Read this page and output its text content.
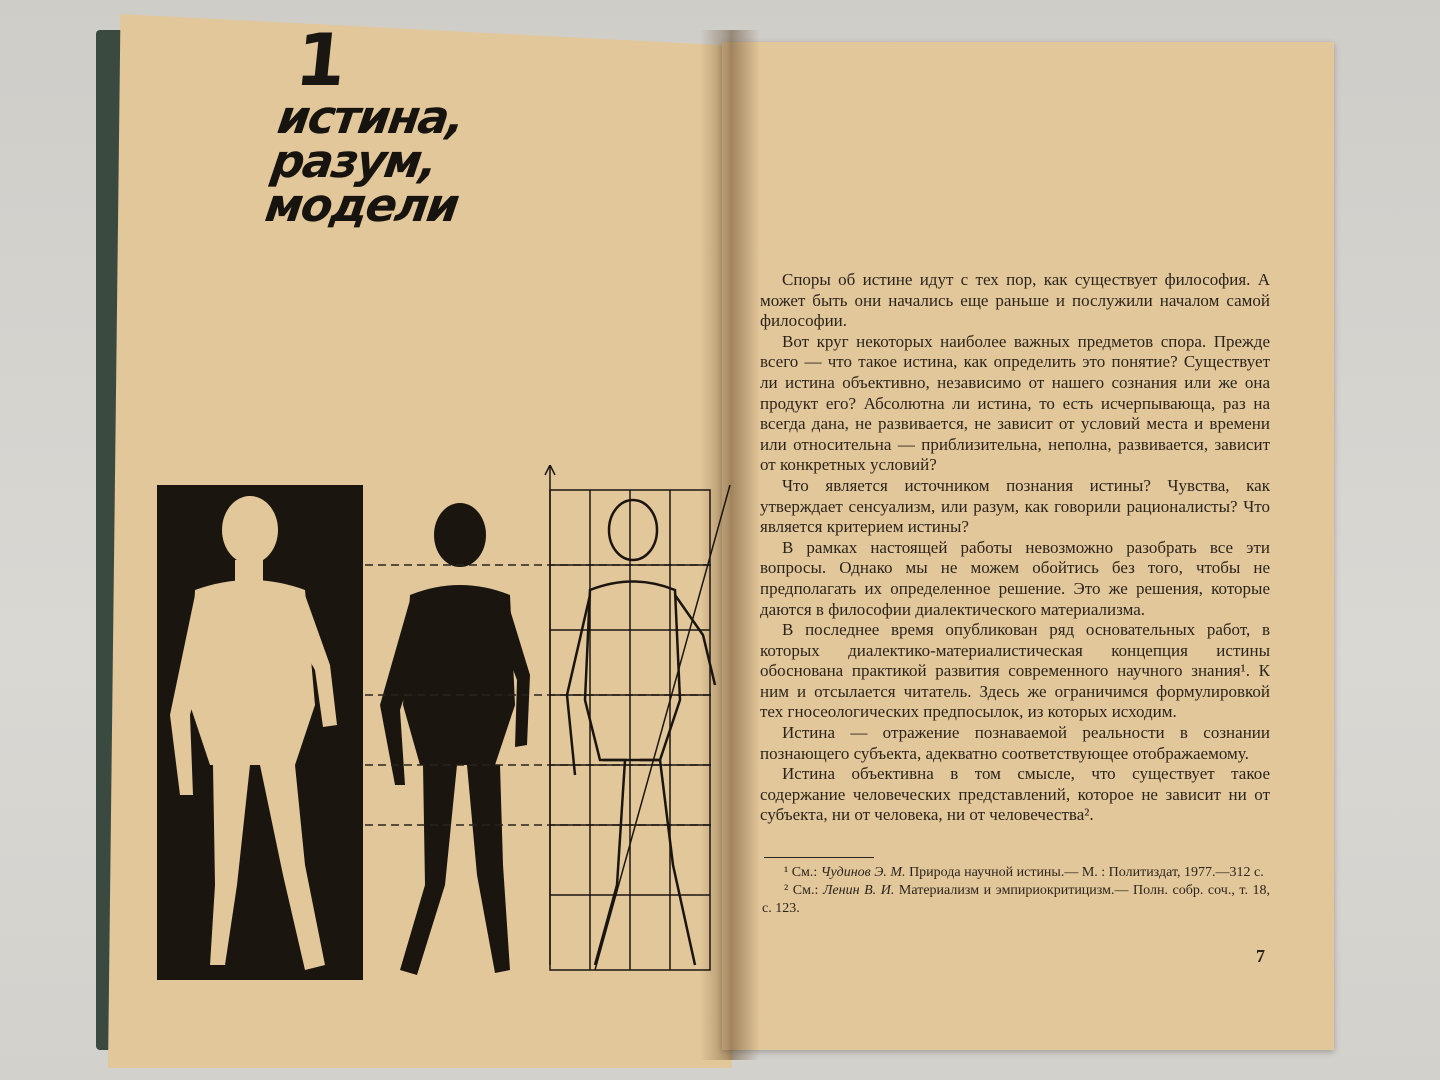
1
истина,
разум,
модели

Споры об истине идут с тех пор, как существует философия. А может быть они начались еще раньше и послужили началом самой философии.

Вот круг некоторых наиболее важных предметов спора. Прежде всего — что такое истина, как определить это понятие? Существует ли истина объективно, независимо от нашего сознания или же она продукт его? Абсолютна ли истина, то есть исчерпывающа, раз на всегда дана, не развивается, не зависит от условий места и времени или относительна — приблизительна, неполна, развивается, зависит от конкретных условий?

Что является источником познания истины? Чувства, как утверждает сенсуализм, или разум, как говорили рационалисты? Что является критерием истины?

В рамках настоящей работы невозможно разобрать все эти вопросы. Однако мы не можем обойтись без того, чтобы не предполагать их определенное решение. Это же решения, которые даются в философии диалектического материализма.

В последнее время опубликован ряд основательных работ, в которых диалектико-материалистическая концепция истины обоснована практикой развития современного научного знания¹. К ним и отсылается читатель. Здесь же ограничимся формулировкой тех гносеологических предпосылок, из которых исходим.

Истина — отражение познаваемой реальности в сознании познающего субъекта, адекватно соответствующее отображаемому.

Истина объективна в том смысле, что существует такое содержание человеческих представлений, которое не зависит ни от субъекта, ни от человека, ни от человечества².

¹ См.: Чудинов Э. М. Природа научной истины.— М. : Политиздат, 1977.—312 с.

² См.: Ленин В. И. Материализм и эмпириокритицизм.— Полн. собр. соч., т. 18, с. 123.

7
